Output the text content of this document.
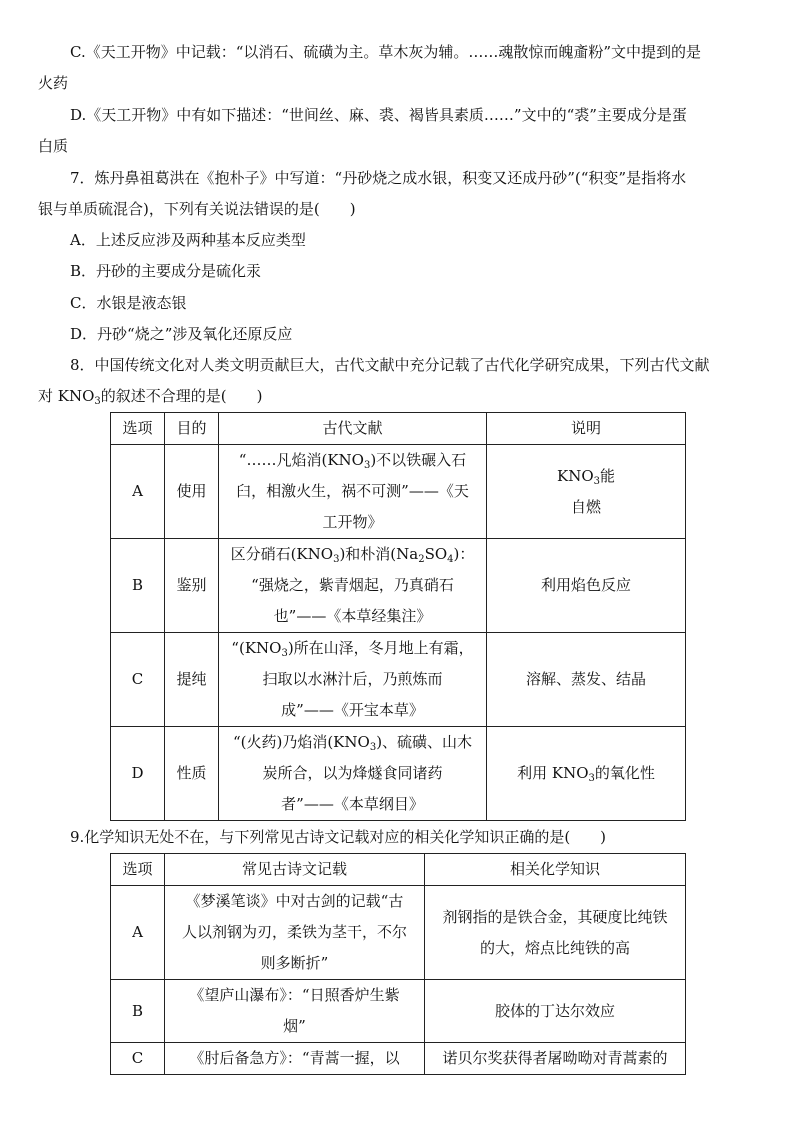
C.《天工开物》中记载：“以消石、硫磺为主。草木灰为辅。……魂散惊而魄齑粉”文中提到的是

火药

D.《天工开物》中有如下描述：“世间丝、麻、裘、褐皆具素质……”文中的“裘”主要成分是蛋

白质

7．炼丹鼻祖葛洪在《抱朴子》中写道：“丹砂烧之成水银，积变又还成丹砂”(“积变”是指将水

银与单质硫混合)，下列有关说法错误的是(　　)

A．上述反应涉及两种基本反应类型

B．丹砂的主要成分是硫化汞

C．水银是液态银

D．丹砂“烧之”涉及氧化还原反应

8．中国传统文化对人类文明贡献巨大，古代文献中充分记载了古代化学研究成果，下列古代文献

对 $KNO_3$的叙述不合理的是(　　)

选项	目的	古代文献	说明
A	使用	“……凡焰消$(KNO_3)$不以铁碾入石
臼，相激火生，祸不可测”——《天
工开物》	$KNO_3$能
自燃

B	鉴别	区分硝石$(KNO_3)$和朴消$(Na_2SO_4)$：
“强烧之，紫青烟起，乃真硝石
也”——《本草经集注》	利用焰色反应
C	提纯	“$(KNO_3)$所在山泽，冬月地上有霜，
扫取以水淋汁后，乃煎炼而
成”——《开宝本草》	溶解、蒸发、结晶
D	性质	“(火药)乃焰消$(KNO_3)$、硫磺、山木
炭所合，以为烽燧食同诸药
者”——《本草纲目》	利用 $KNO_3$的氧化性

9.化学知识无处不在，与下列常见古诗文记载对应的相关化学知识正确的是(　　)

选项	常见古诗文记载	相关化学知识
A	《梦溪笔谈》中对古剑的记载“古
人以剂钢为刃，柔铁为茎干，不尔
则多断折”	剂钢指的是铁合金，其硬度比纯铁
的大，熔点比纯铁的高

B	《望庐山瀑布》：“日照香炉生紫
烟”	胶体的丁达尔效应

C	《肘后备急方》：“青蒿一握，以	诺贝尔奖获得者屠呦呦对青蒿素的
